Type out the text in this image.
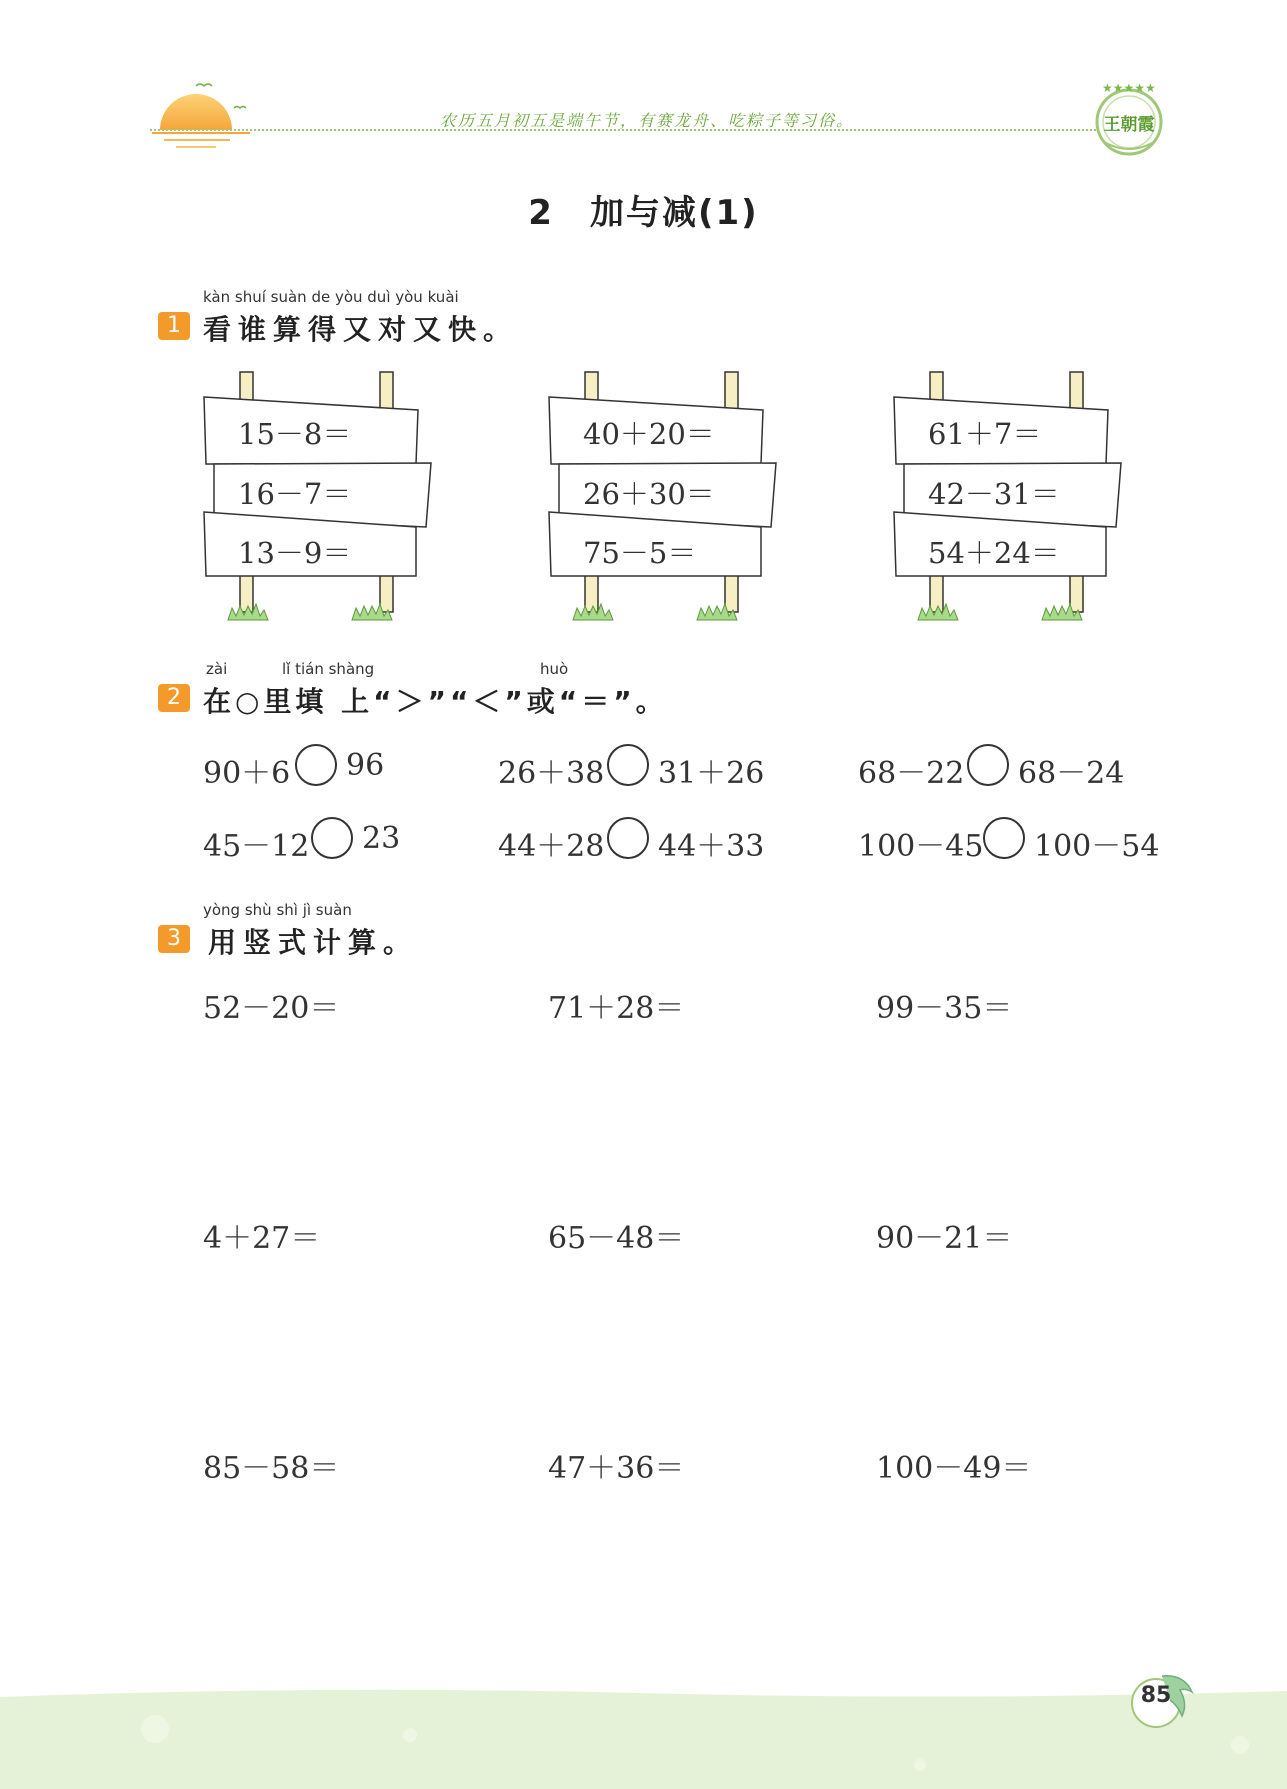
农历五月初五是端午节，有赛龙舟、吃粽子等习俗。
★★★★★
王朝霞
2　加与减(1)
kàn shuí suàn de yòu duì yòu kuài
1 看谁算得又对又快。
15－8＝
16－7＝
13－9＝
40＋20＝
26＋30＝
75－5＝
61＋7＝
42－31＝
54＋24＝
zài	lǐ tián shàng	huò
2 在○里填 上“＞”“＜”或“＝”。
90＋6 96	26＋38 31＋26	68－22 68－24
45－12 23	44＋28 44＋33	100－45 100－54
yòng shù shì jì suàn
3 用竖式计算。
52－20＝	71＋28＝	99－35＝
4＋27＝	65－48＝	90－21＝
85－58＝	47＋36＝	100－49＝
85
